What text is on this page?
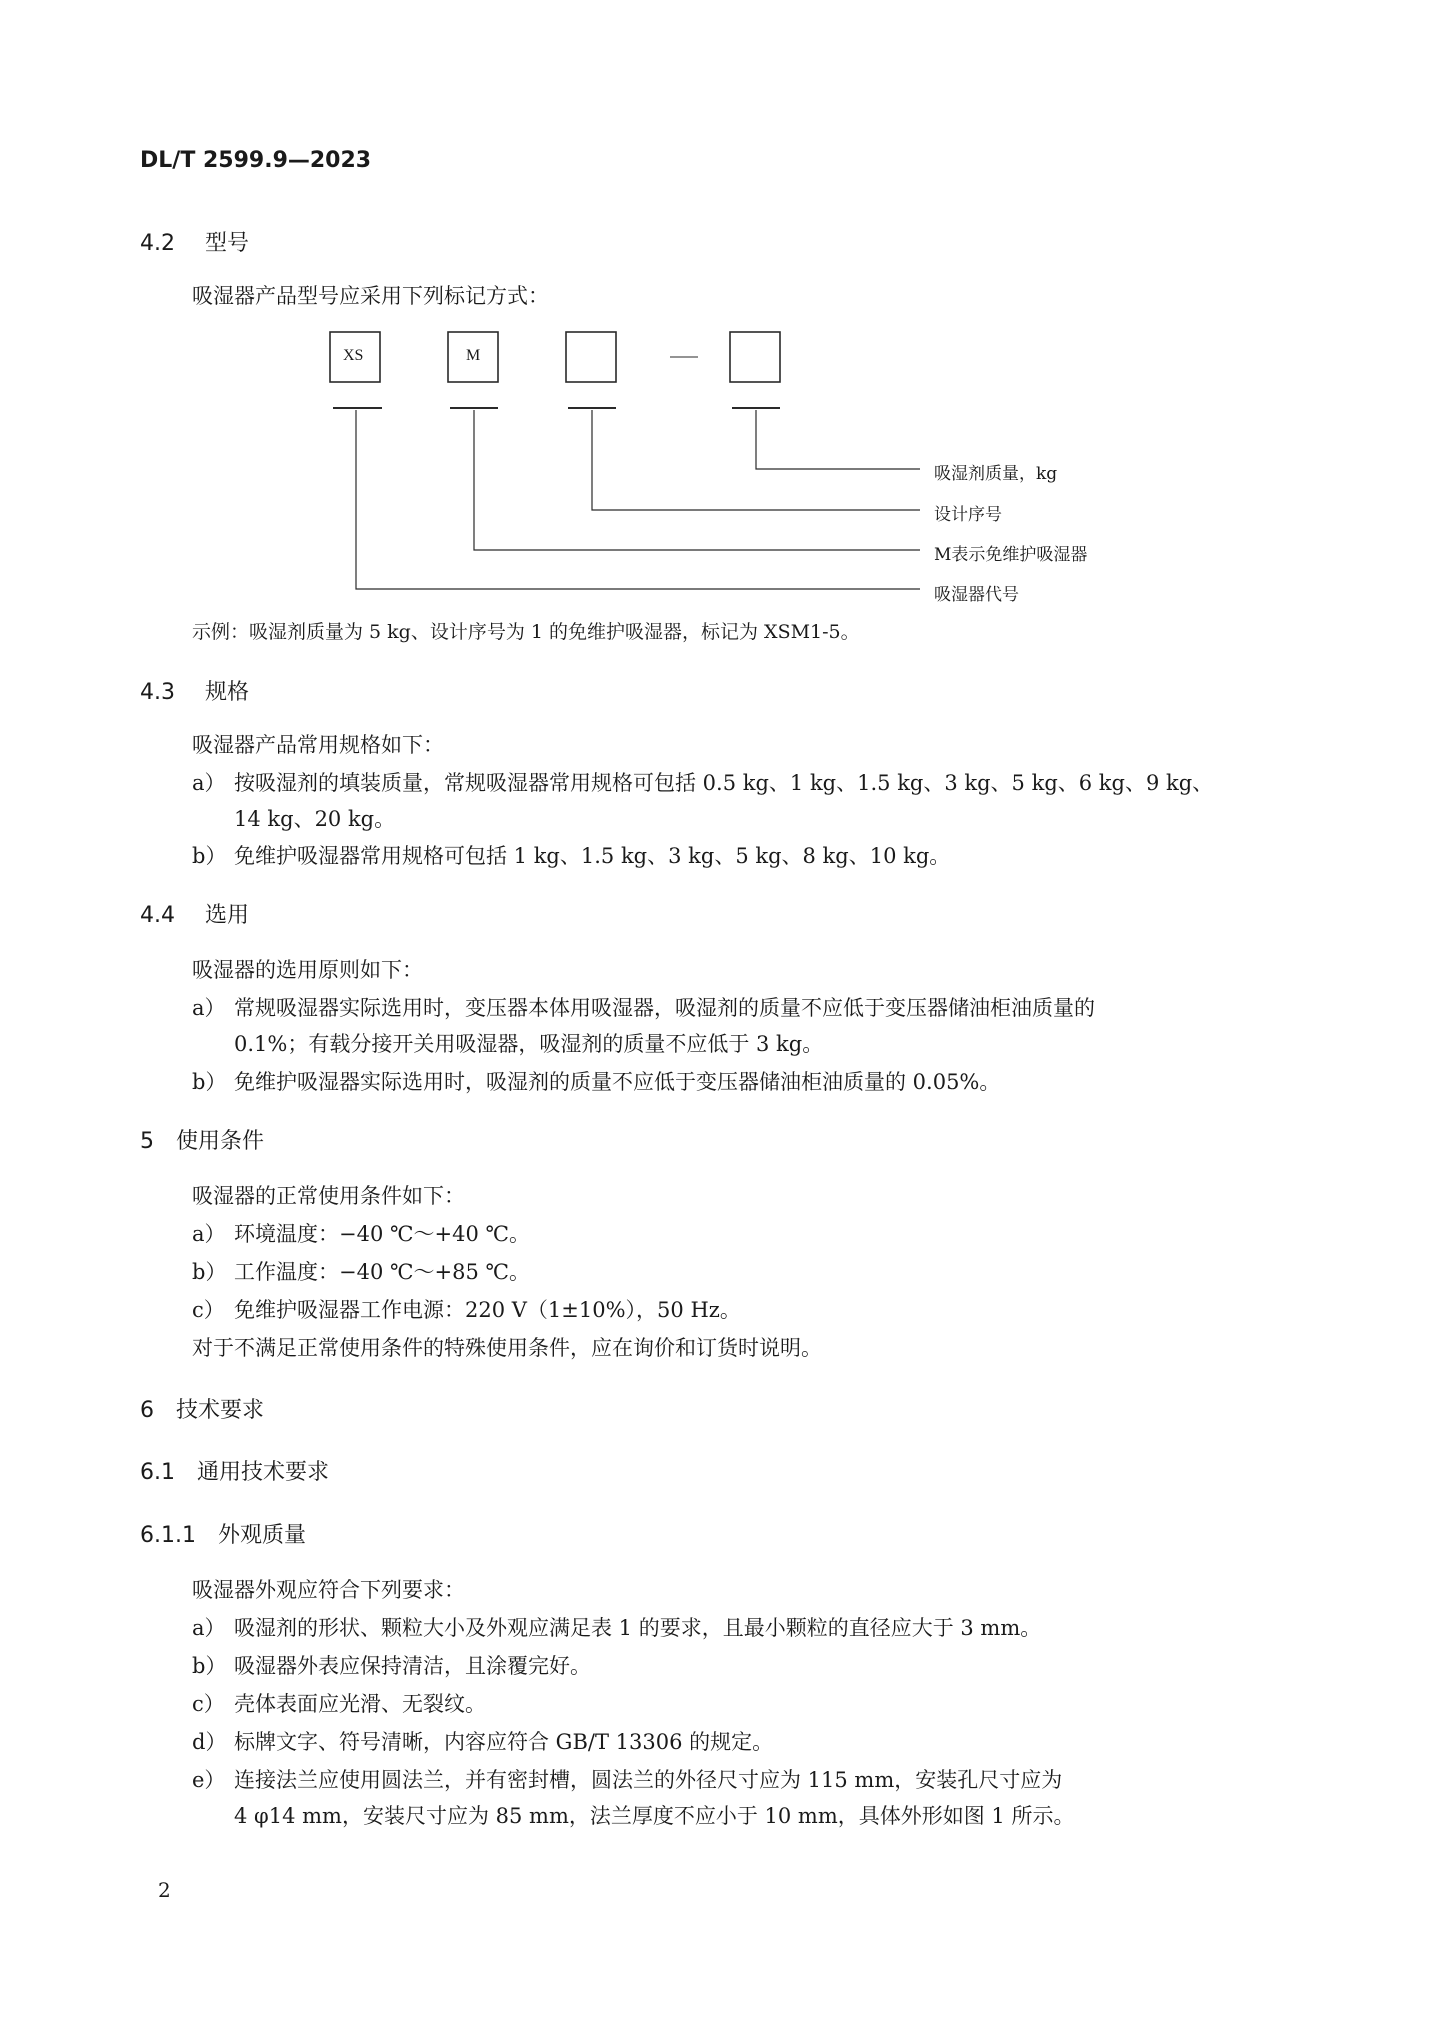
DL/T 2599.9—2023
4.2 型号
吸湿器产品型号应采用下列标记方式：
XS	M
吸湿剂质量，kg
设计序号
M表示免维护吸湿器
吸湿器代号
示例：吸湿剂质量为 5 kg、设计序号为 1 的免维护吸湿器，标记为 XSM1-5。
4.3 规格
吸湿器产品常用规格如下：
a） 按吸湿剂的填装质量，常规吸湿器常用规格可包括 0.5 kg、1 kg、1.5 kg、3 kg、5 kg、6 kg、9 kg、
14 kg、20 kg。
b） 免维护吸湿器常用规格可包括 1 kg、1.5 kg、3 kg、5 kg、8 kg、10 kg。
4.4 选用
吸湿器的选用原则如下：
a） 常规吸湿器实际选用时，变压器本体用吸湿器，吸湿剂的质量不应低于变压器储油柜油质量的
0.1%；有载分接开关用吸湿器，吸湿剂的质量不应低于 3 kg。
b） 免维护吸湿器实际选用时，吸湿剂的质量不应低于变压器储油柜油质量的 0.05%。
5 使用条件
吸湿器的正常使用条件如下：
a） 环境温度：−40 ℃～+40 ℃。
b） 工作温度：−40 ℃～+85 ℃。
c） 免维护吸湿器工作电源：220 V（1±10%），50 Hz。
对于不满足正常使用条件的特殊使用条件，应在询价和订货时说明。
6 技术要求
6.1 通用技术要求
6.1.1 外观质量
吸湿器外观应符合下列要求：
a） 吸湿剂的形状、颗粒大小及外观应满足表 1 的要求，且最小颗粒的直径应大于 3 mm。
b） 吸湿器外表应保持清洁，且涂覆完好。
c） 壳体表面应光滑、无裂纹。
d） 标牌文字、符号清晰，内容应符合 GB/T 13306 的规定。
e） 连接法兰应使用圆法兰，并有密封槽，圆法兰的外径尺寸应为 115 mm，安装孔尺寸应为
4 φ14 mm，安装尺寸应为 85 mm，法兰厚度不应小于 10 mm，具体外形如图 1 所示。
2
